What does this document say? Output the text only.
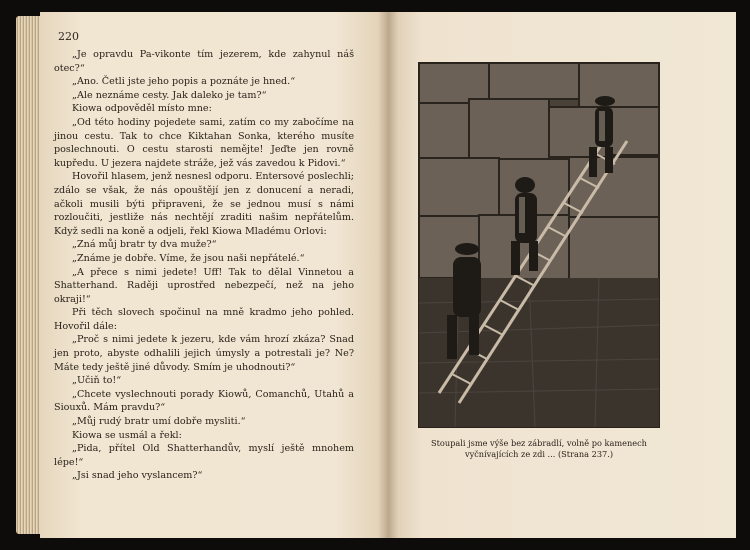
220

„Je opravdu Pa-vikonte tím jezerem, kde zahynul náš otec?“

„Ano. Četli jste jeho popis a poznáte je hned.“

„Ale neznáme cesty. Jak daleko je tam?“

Kiowa odpověděl místo mne:

„Od této hodiny pojedete sami, zatím co my zabočíme na jinou cestu. Tak to chce Kiktahan Sonka, kterého musíte poslechnouti. O cestu starosti nemějte! Jeďte jen rovně kupředu. U jezera najdete stráže, jež vás zavedou k Pidovi.“

Hovořil hlasem, jenž nesnesl odporu. Entersové poslechli; zdálo se však, že nás opouštějí jen z donucení a neradi, ačkoli musili býti připraveni, že se jednou musí s námi rozloučiti, jestliže nás nechtějí zraditi našim nepřátelům. Když sedli na koně a odjeli, řekl Kiowa Mladému Orlovi:

„Zná můj bratr ty dva muže?“

„Známe je dobře. Víme, že jsou naši nepřátelé.“

„A přece s nimi jedete! Uff! Tak to dělal Vinnetou a Shatterhand. Raději uprostřed nebezpečí, než na jeho okraji!“

Při těch slovech spočinul na mně kradmo jeho pohled. Hovořil dále:

„Proč s nimi jedete k jezeru, kde vám hrozí zkáza? Snad jen proto, abyste odhalili jejich úmysly a potrestali je? Ne? Máte tedy ještě jiné důvody. Smím je uhodnouti?“

„Učiň to!“

„Chcete vyslechnouti porady Kiowů, Comanchů, Utahů a Siouxů. Mám pravdu?“

„Můj rudý bratr umí dobře mysliti.“

Kiowa se usmál a řekl:

„Pida, přítel Old Shatterhandův, myslí ještě mnohem lépe!“

„Jsi snad jeho vyslancem?“

Stoupali jsme výše bez zábradlí, volně po kamenech vyčnívajících ze zdi ... (Strana 237.)
